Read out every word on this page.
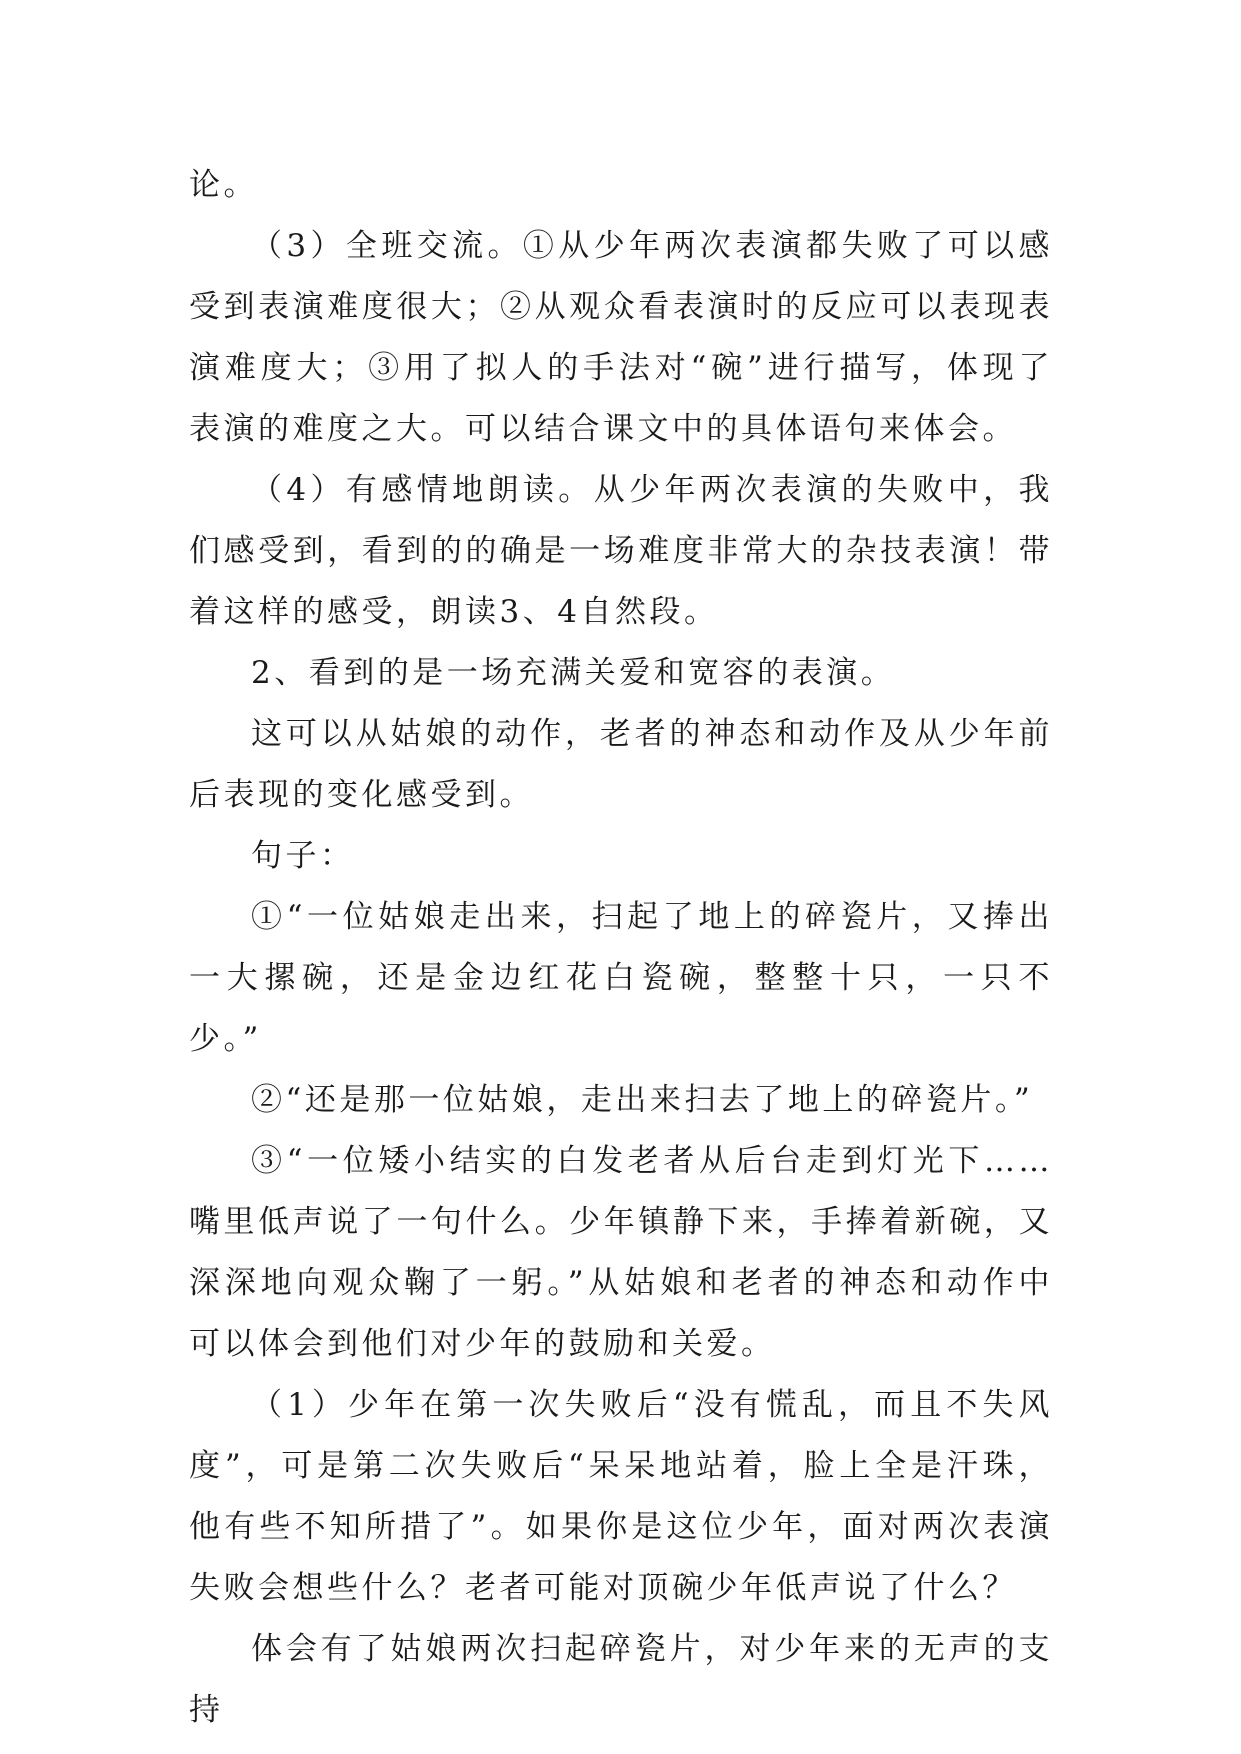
论。

（3）全班交流。①从少年两次表演都失败了可以感受到表演难度很大；②从观众看表演时的反应可以表现表演难度大；③用了拟人的手法对“碗”进行描写，体现了表演的难度之大。可以结合课文中的具体语句来体会。

（4）有感情地朗读。从少年两次表演的失败中，我们感受到，看到的的确是一场难度非常大的杂技表演！带着这样的感受，朗读3、4自然段。

2、看到的是一场充满关爱和宽容的表演。

这可以从姑娘的动作，老者的神态和动作及从少年前后表现的变化感受到。

句子：

①“一位姑娘走出来，扫起了地上的碎瓷片，又捧出一大摞碗，还是金边红花白瓷碗，整整十只，一只不少。”

②“还是那一位姑娘，走出来扫去了地上的碎瓷片。”

③“一位矮小结实的白发老者从后台走到灯光下……嘴里低声说了一句什么。少年镇静下来，手捧着新碗，又深深地向观众鞠了一躬。”从姑娘和老者的神态和动作中可以体会到他们对少年的鼓励和关爱。

（1）少年在第一次失败后“没有慌乱，而且不失风度”，可是第二次失败后“呆呆地站着，脸上全是汗珠，他有些不知所措了”。如果你是这位少年，面对两次表演失败会想些什么？老者可能对顶碗少年低声说了什么？

体会有了姑娘两次扫起碎瓷片，对少年来的无声的支持
